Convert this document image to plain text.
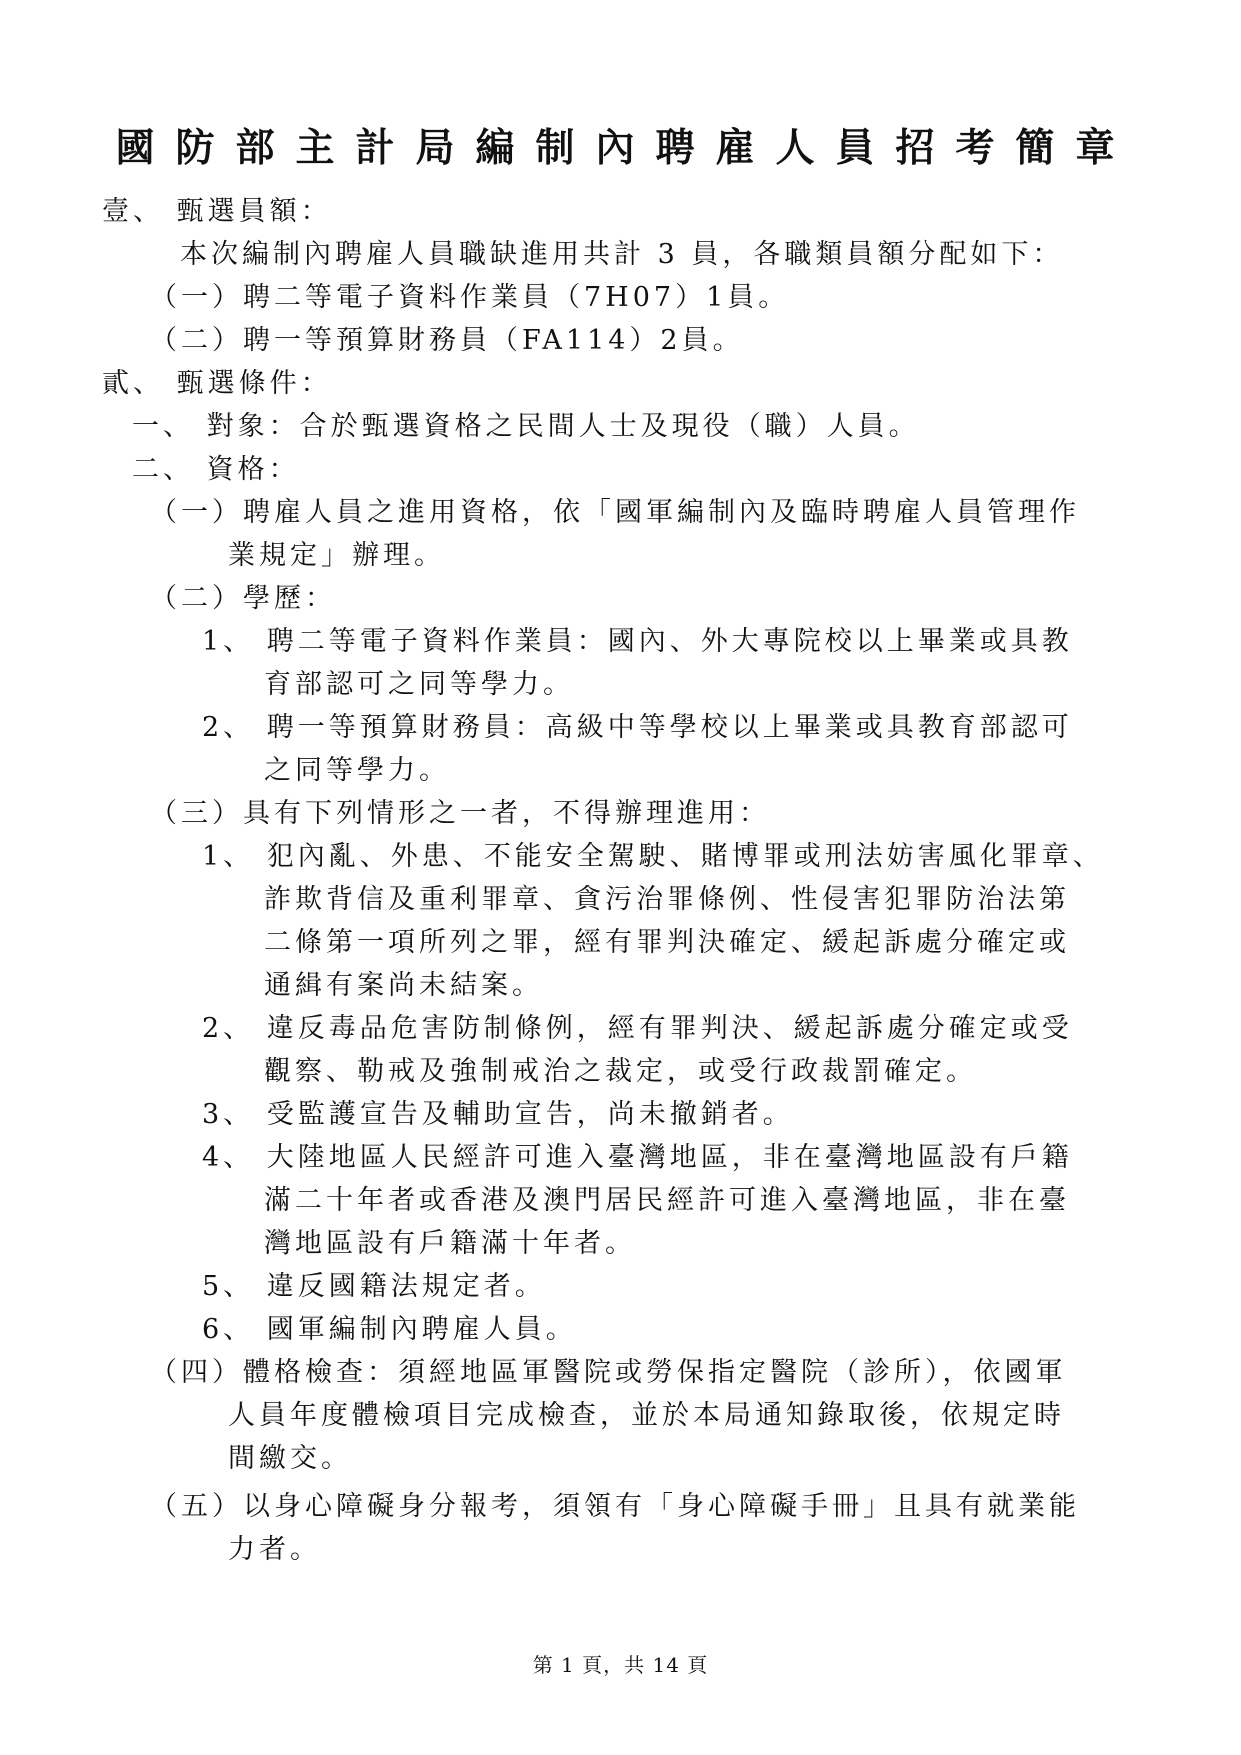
國防部主計局編制內聘雇人員招考簡章
壹、 甄選員額：
本次編制內聘雇人員職缺進用共計 3 員，各職類員額分配如下：
（一）聘二等電子資料作業員（7H07）1員。
（二）聘一等預算財務員（FA114）2員。
貳、 甄選條件：
一、 對象：合於甄選資格之民間人士及現役（職）人員。
二、 資格：
（一）聘雇人員之進用資格，依「國軍編制內及臨時聘雇人員管理作
業規定」辦理。
（二）學歷：
1、 聘二等電子資料作業員：國內、外大專院校以上畢業或具教
育部認可之同等學力。
2、 聘一等預算財務員：高級中等學校以上畢業或具教育部認可
之同等學力。
（三）具有下列情形之一者，不得辦理進用：
1、 犯內亂、外患、不能安全駕駛、賭博罪或刑法妨害風化罪章、
詐欺背信及重利罪章、貪污治罪條例、性侵害犯罪防治法第
二條第一項所列之罪，經有罪判決確定、緩起訴處分確定或
通緝有案尚未結案。
2、 違反毒品危害防制條例，經有罪判決、緩起訴處分確定或受
觀察、勒戒及強制戒治之裁定，或受行政裁罰確定。
3、 受監護宣告及輔助宣告，尚未撤銷者。
4、 大陸地區人民經許可進入臺灣地區，非在臺灣地區設有戶籍
滿二十年者或香港及澳門居民經許可進入臺灣地區，非在臺
灣地區設有戶籍滿十年者。
5、 違反國籍法規定者。
6、 國軍編制內聘雇人員。
（四）體格檢查：須經地區軍醫院或勞保指定醫院（診所），依國軍
人員年度體檢項目完成檢查，並於本局通知錄取後，依規定時
間繳交。
（五）以身心障礙身分報考，須領有「身心障礙手冊」且具有就業能
力者。
第 1 頁，共 14 頁
